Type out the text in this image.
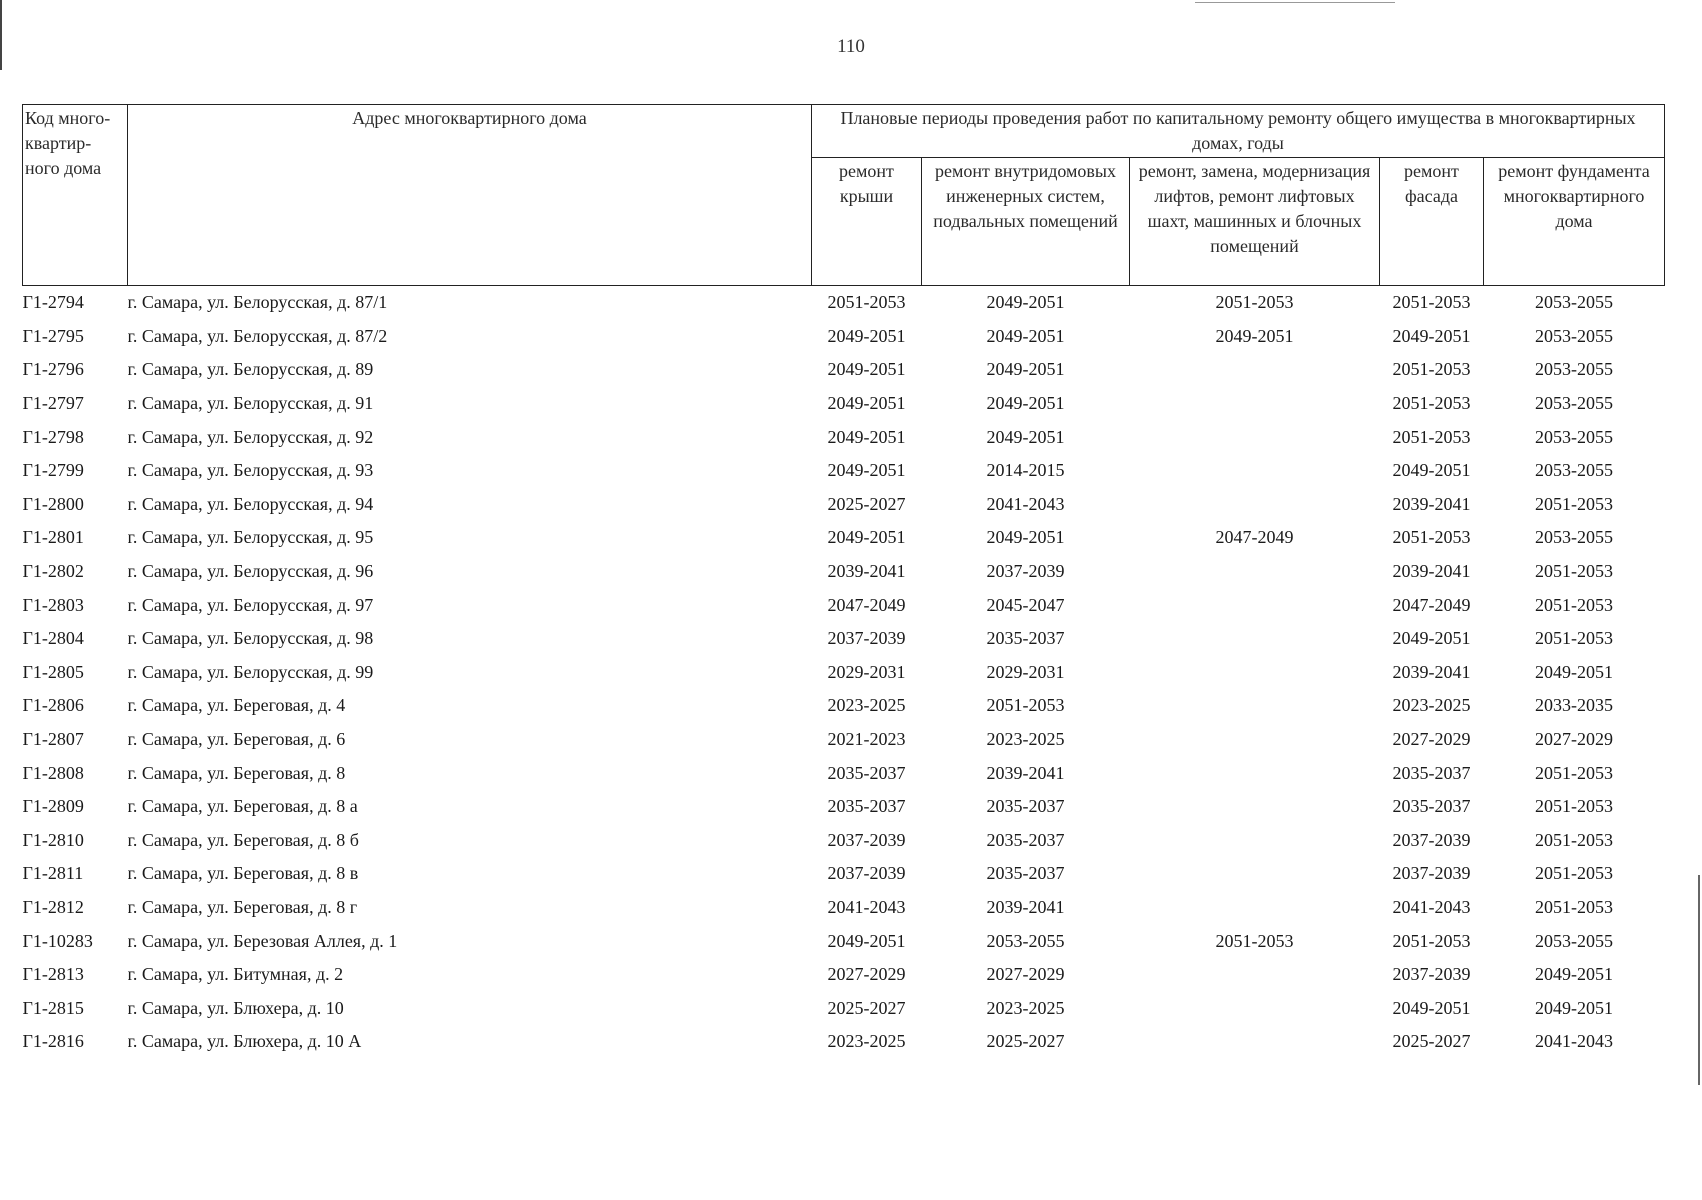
110
Код много-квартир-ного дома	Адрес многоквартирного дома	Плановые периоды проведения работ по капитальному ремонту общего имущества в многоквартирных домах, годы				
		ремонт крыши	ремонт внутридомовых инженерных систем, подвальных помещений	ремонт, замена, модернизация лифтов, ремонт лифтовых шахт, машинных и блочных помещений	ремонт фасада	ремонт фундамента многоквартирного дома
Г1-2794	г. Самара, ул. Белорусская, д. 87/1	2051-2053	2049-2051	2051-2053	2051-2053	2053-2055
Г1-2795	г. Самара, ул. Белорусская, д. 87/2	2049-2051	2049-2051	2049-2051	2049-2051	2053-2055
Г1-2796	г. Самара, ул. Белорусская, д. 89	2049-2051	2049-2051		2051-2053	2053-2055
Г1-2797	г. Самара, ул. Белорусская, д. 91	2049-2051	2049-2051		2051-2053	2053-2055
Г1-2798	г. Самара, ул. Белорусская, д. 92	2049-2051	2049-2051		2051-2053	2053-2055
Г1-2799	г. Самара, ул. Белорусская, д. 93	2049-2051	2014-2015		2049-2051	2053-2055
Г1-2800	г. Самара, ул. Белорусская, д. 94	2025-2027	2041-2043		2039-2041	2051-2053
Г1-2801	г. Самара, ул. Белорусская, д. 95	2049-2051	2049-2051	2047-2049	2051-2053	2053-2055
Г1-2802	г. Самара, ул. Белорусская, д. 96	2039-2041	2037-2039		2039-2041	2051-2053
Г1-2803	г. Самара, ул. Белорусская, д. 97	2047-2049	2045-2047		2047-2049	2051-2053
Г1-2804	г. Самара, ул. Белорусская, д. 98	2037-2039	2035-2037		2049-2051	2051-2053
Г1-2805	г. Самара, ул. Белорусская, д. 99	2029-2031	2029-2031		2039-2041	2049-2051
Г1-2806	г. Самара, ул. Береговая, д. 4	2023-2025	2051-2053		2023-2025	2033-2035
Г1-2807	г. Самара, ул. Береговая, д. 6	2021-2023	2023-2025		2027-2029	2027-2029
Г1-2808	г. Самара, ул. Береговая, д. 8	2035-2037	2039-2041		2035-2037	2051-2053
Г1-2809	г. Самара, ул. Береговая, д. 8 а	2035-2037	2035-2037		2035-2037	2051-2053
Г1-2810	г. Самара, ул. Береговая, д. 8 б	2037-2039	2035-2037		2037-2039	2051-2053
Г1-2811	г. Самара, ул. Береговая, д. 8 в	2037-2039	2035-2037		2037-2039	2051-2053
Г1-2812	г. Самара, ул. Береговая, д. 8 г	2041-2043	2039-2041		2041-2043	2051-2053
Г1-10283	г. Самара, ул. Березовая Аллея, д. 1	2049-2051	2053-2055	2051-2053	2051-2053	2053-2055
Г1-2813	г. Самара, ул. Битумная, д. 2	2027-2029	2027-2029		2037-2039	2049-2051
Г1-2815	г. Самара, ул. Блюхера, д. 10	2025-2027	2023-2025		2049-2051	2049-2051
Г1-2816	г. Самара, ул. Блюхера, д. 10 А	2023-2025	2025-2027		2025-2027	2041-2043
